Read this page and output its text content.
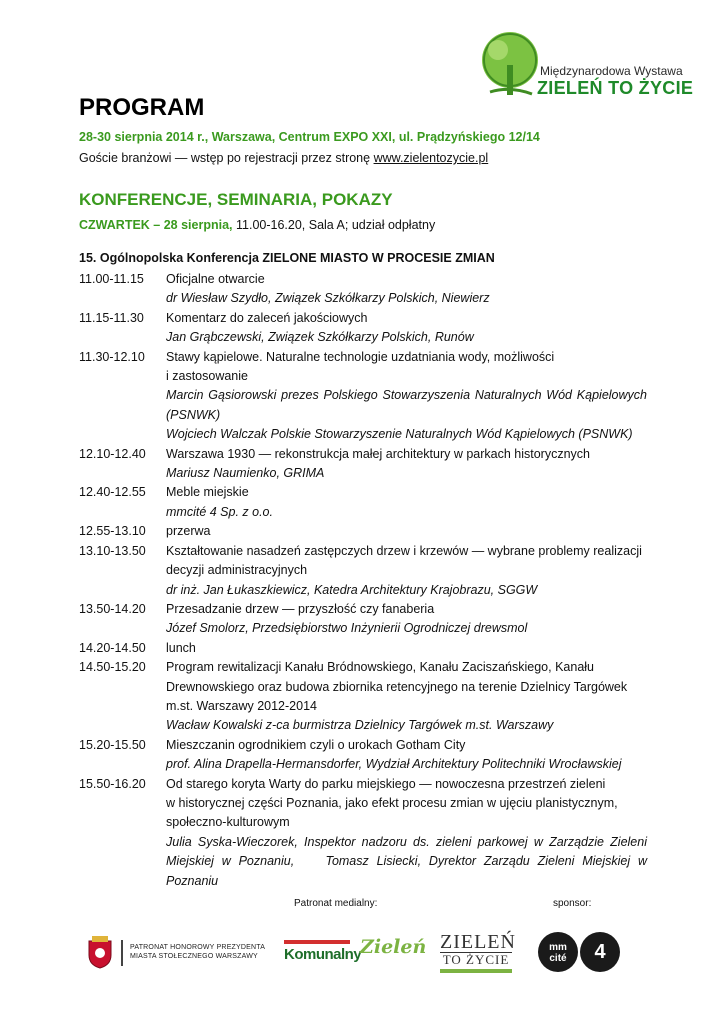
Międzynarodowa Wystawa
ZIELEŃ TO ŻYCIE
PROGRAM
28-30 sierpnia 2014 r., Warszawa, Centrum EXPO XXI, ul. Prądzyńskiego 12/14
Goście branżowi — wstęp po rejestracji przez stronę www.zielentozycie.pl
KONFERENCJE, SEMINARIA, POKAZY
CZWARTEK – 28 sierpnia, 11.00-16.20, Sala A; udział odpłatny
15. Ogólnopolska Konferencja ZIELONE MIASTO W PROCESIE ZMIAN
11.00-11.15	Oficjalne otwarcie
dr Wiesław Szydło, Związek Szkółkarzy Polskich, Niewierz
11.15-11.30	Komentarz do zaleceń jakościowych
Jan Grąbczewski, Związek Szkółkarzy Polskich, Runów
11.30-12.10	Stawy kąpielowe. Naturalne technologie uzdatniania wody, możliwości
i zastosowanie
Marcin Gąsiorowski prezes Polskiego Stowarzyszenia Naturalnych Wód Kąpielowych (PSNWK)
Wojciech Walczak Polskie Stowarzyszenie Naturalnych Wód Kąpielowych (PSNWK)
12.10-12.40	Warszawa 1930 — rekonstrukcja małej architektury w parkach historycznych
Mariusz Naumienko, GRIMA
12.40-12.55	Meble miejskie
mmcité 4 Sp. z o.o.
12.55-13.10	przerwa
13.10-13.50	Kształtowanie nasadzeń zastępczych drzew i krzewów — wybrane problemy realizacji
decyzji administracyjnych
dr inż. Jan Łukaszkiewicz, Katedra Architektury Krajobrazu, SGGW
13.50-14.20	Przesadzanie drzew — przyszłość czy fanaberia
Józef Smolorz, Przedsiębiorstwo Inżynierii Ogrodniczej drewsmol
14.20-14.50	lunch
14.50-15.20	Program rewitalizacji Kanału Bródnowskiego, Kanału Zaciszańskiego, Kanału
Drewnowskiego oraz budowa zbiornika retencyjnego na terenie Dzielnicy Targówek
m.st. Warszawy 2012-2014
Wacław Kowalski z-ca burmistrza Dzielnicy Targówek m.st. Warszawy
15.20-15.50	Mieszczanin ogrodnikiem czyli o urokach Gotham City
prof. Alina Drapella-Hermansdorfer, Wydział Architektury Politechniki Wrocławskiej
15.50-16.20	Od starego koryta Warty do parku miejskiego — nowoczesna przestrzeń zieleni
w historycznej części Poznania, jako efekt procesu zmian w ujęciu planistycznym,
społeczno-kulturowym
Julia Syska-Wieczorek, Inspektor nadzoru ds. zieleni parkowej w Zarządzie Zieleni Miejskiej w Poznaniu,    Tomasz Lisiecki, Dyrektor Zarządu Zieleni Miejskiej w Poznaniu
Patronat medialny:	sponsor:
PATRONAT HONOROWY PREZYDENTA
MIASTA STOŁECZNEGO WARSZAWY	Komunalny
Zieleń ZIELEŃ
TO ŻYCIE
mm
cité	4
